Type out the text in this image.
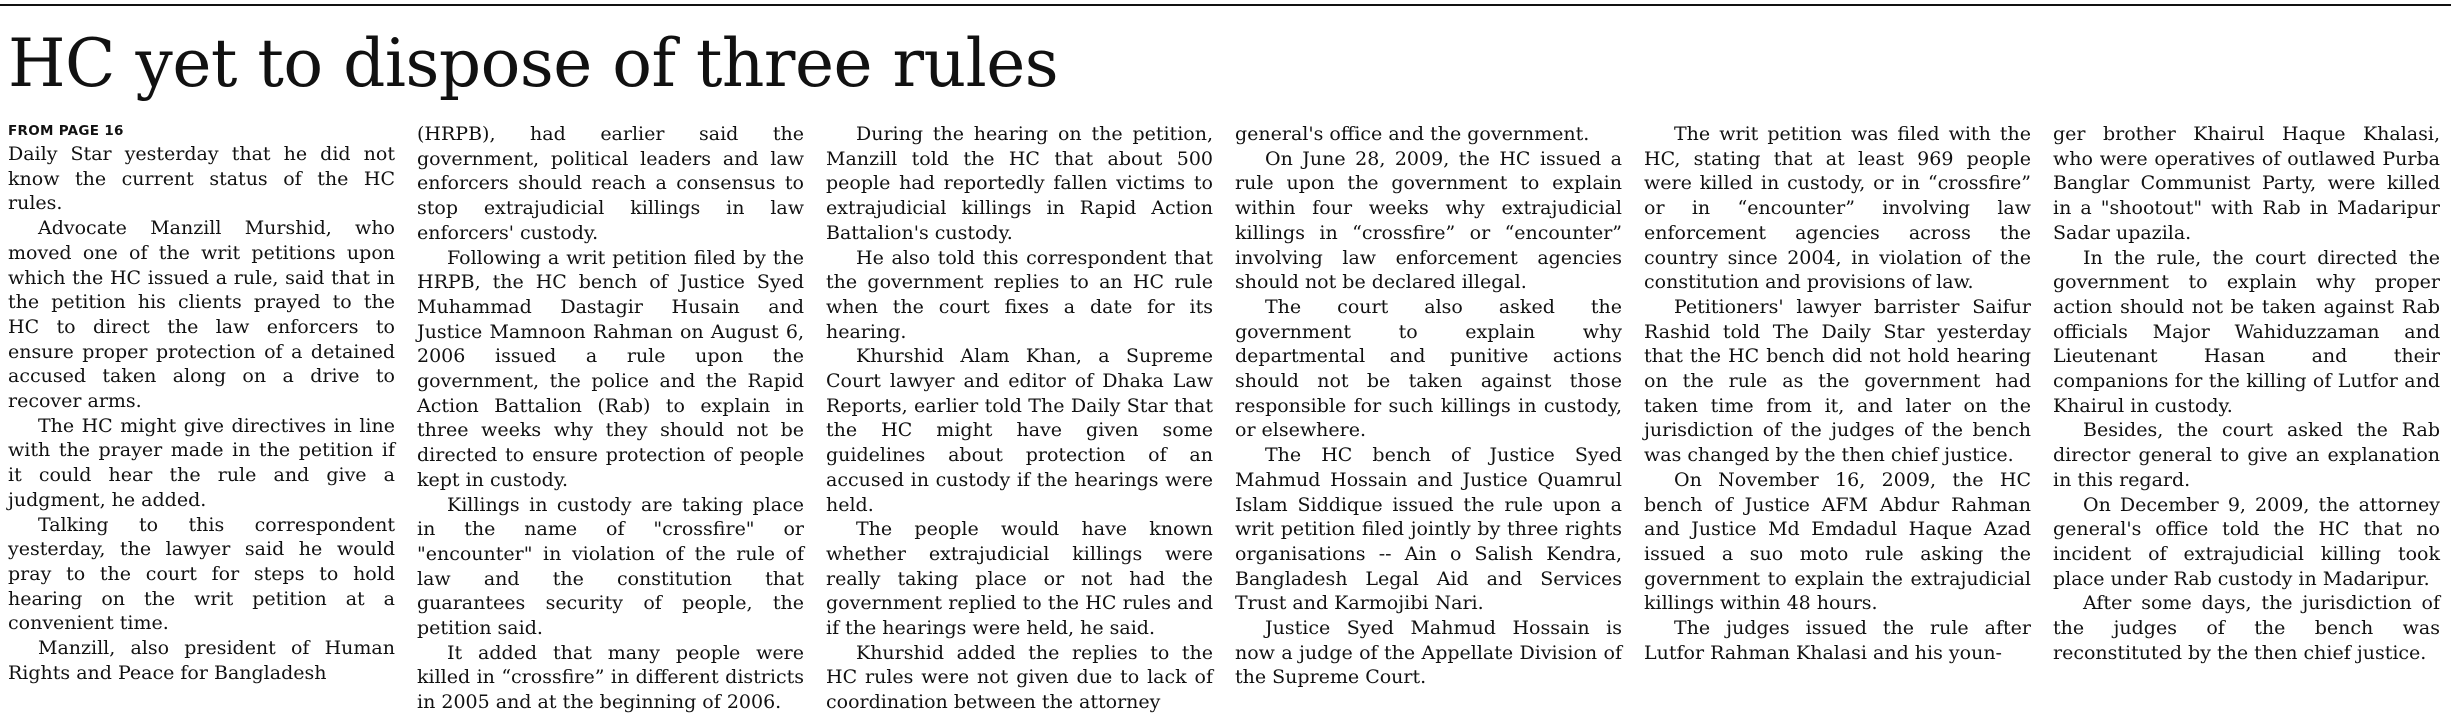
HC yet to dispose of three rules
FROM PAGE 16

Daily Star yesterday that he did not know the current status of the HC rules.

Advocate Manzill Murshid, who moved one of the writ petitions upon which the HC issued a rule, said that in the petition his clients prayed to the HC to direct the law enforcers to ensure proper protection of a detained accused taken along on a drive to recover arms.

The HC might give directives in line with the prayer made in the petition if it could hear the rule and give a judgment, he added.

Talking to this correspondent yesterday, the lawyer said he would pray to the court for steps to hold hearing on the writ petition at a convenient time.

Manzill, also president of Human Rights and Peace for Bangladesh

(HRPB), had earlier said the government, political leaders and law enforcers should reach a consensus to stop extrajudicial killings in law enforcers' custody.

Following a writ petition filed by the HRPB, the HC bench of Justice Syed Muhammad Dastagir Husain and Justice Mamnoon Rahman on August 6, 2006 issued a rule upon the government, the police and the Rapid Action Battalion (Rab) to explain in three weeks why they should not be directed to ensure protection of people kept in custody.

Killings in custody are taking place in the name of "crossfire" or "encounter" in violation of the rule of law and the constitution that guarantees security of people, the petition said.

It added that many people were killed in “crossfire” in different districts in 2005 and at the beginning of 2006.

During the hearing on the petition, Manzill told the HC that about 500 people had reportedly fallen victims to extrajudicial killings in Rapid Action Battalion's custody.

He also told this correspondent that the government replies to an HC rule when the court fixes a date for its hearing.

Khurshid Alam Khan, a Supreme Court lawyer and editor of Dhaka Law Reports, earlier told The Daily Star that the HC might have given some guidelines about protection of an accused in custody if the hearings were held.

The people would have known whether extrajudicial killings were really taking place or not had the government replied to the HC rules and if the hearings were held, he said.

Khurshid added the replies to the HC rules were not given due to lack of coordination between the attorney

general's office and the government.

On June 28, 2009, the HC issued a rule upon the government to explain within four weeks why extrajudicial killings in “crossfire” or “encounter” involving law enforcement agencies should not be declared illegal.

The court also asked the government to explain why departmental and punitive actions should not be taken against those responsible for such killings in custody, or elsewhere.

The HC bench of Justice Syed Mahmud Hossain and Justice Quamrul Islam Siddique issued the rule upon a writ petition filed jointly by three rights organisations -- Ain o Salish Kendra, Bangladesh Legal Aid and Services Trust and Karmojibi Nari.

Justice Syed Mahmud Hossain is now a judge of the Appellate Division of the Supreme Court.

The writ petition was filed with the HC, stating that at least 969 people were killed in custody, or in “crossfire” or in “encounter” involving law enforcement agencies across the country since 2004, in violation of the constitution and provisions of law.

Petitioners' lawyer barrister Saifur Rashid told The Daily Star yesterday that the HC bench did not hold hearing on the rule as the government had taken time from it, and later on the jurisdiction of the judges of the bench was changed by the then chief justice.

On November 16, 2009, the HC bench of Justice AFM Abdur Rahman and Justice Md Emdadul Haque Azad issued a suo moto rule asking the government to explain the extrajudicial killings within 48 hours.

The judges issued the rule after Lutfor Rahman Khalasi and his youn-

ger brother Khairul Haque Khalasi, who were operatives of outlawed Purba Banglar Communist Party, were killed in a "shootout" with Rab in Madaripur Sadar upazila.

In the rule, the court directed the government to explain why proper action should not be taken against Rab officials Major Wahiduzzaman and Lieutenant Hasan and their companions for the killing of Lutfor and Khairul in custody.

Besides, the court asked the Rab director general to give an explanation in this regard.

On December 9, 2009, the attorney general's office told the HC that no incident of extrajudicial killing took place under Rab custody in Madaripur.

After some days, the jurisdiction of the judges of the bench was reconstituted by the then chief justice.
